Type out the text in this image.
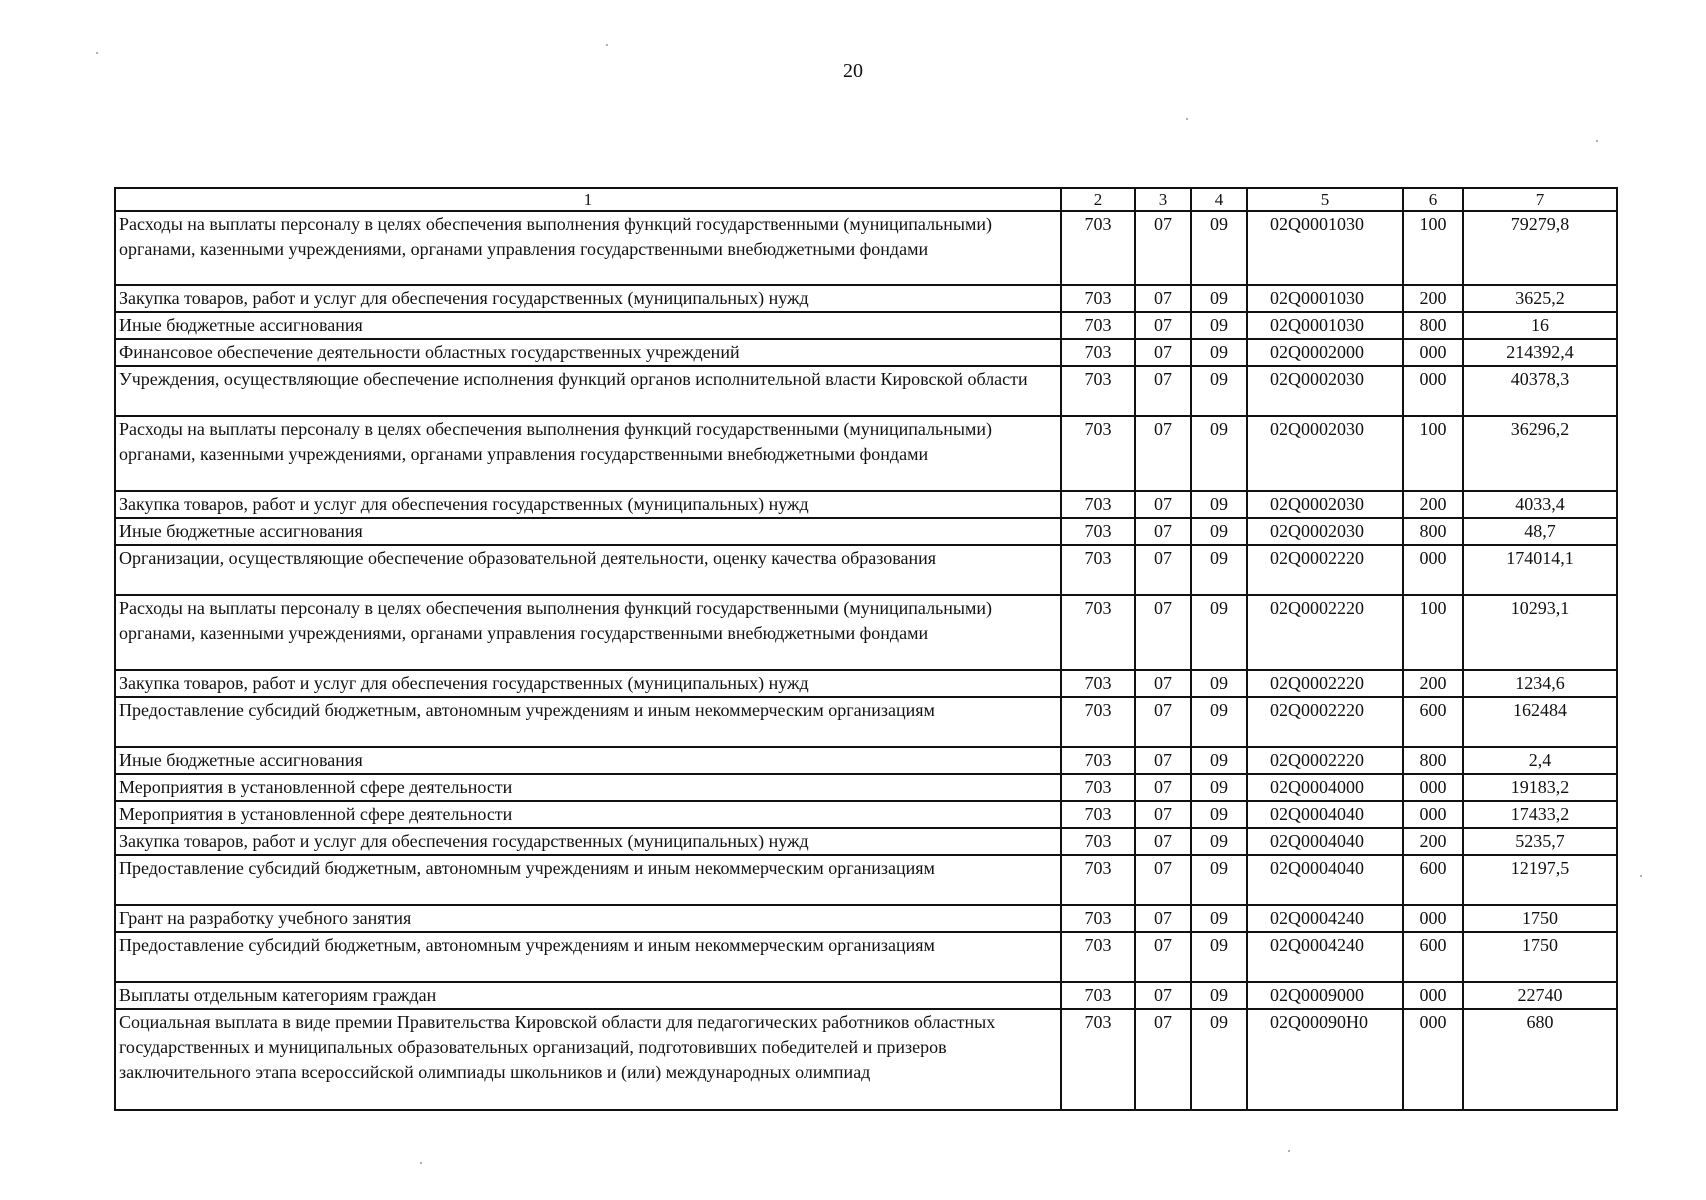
20
1	2	3	4	5	6	7
Расходы на выплаты персоналу в целях обеспечения выполнения функций государственными (муниципальными) органами, казенными учреждениями, органами управления государственными внебюджетными фондами	703	07	09	02Q0001030	100	79279,8
Закупка товаров, работ и услуг для обеспечения государственных (муниципальных) нужд	703	07	09	02Q0001030	200	3625,2
Иные бюджетные ассигнования	703	07	09	02Q0001030	800	16
Финансовое обеспечение деятельности областных государственных учреждений	703	07	09	02Q0002000	000	214392,4
Учреждения, осуществляющие обеспечение исполнения функций органов исполнительной власти Кировской области	703	07	09	02Q0002030	000	40378,3
Расходы на выплаты персоналу в целях обеспечения выполнения функций государственными (муниципальными) органами, казенными учреждениями, органами управления государственными внебюджетными фондами	703	07	09	02Q0002030	100	36296,2
Закупка товаров, работ и услуг для обеспечения государственных (муниципальных) нужд	703	07	09	02Q0002030	200	4033,4
Иные бюджетные ассигнования	703	07	09	02Q0002030	800	48,7
Организации, осуществляющие обеспечение образовательной деятельности, оценку качества образования	703	07	09	02Q0002220	000	174014,1
Расходы на выплаты персоналу в целях обеспечения выполнения функций государственными (муниципальными) органами, казенными учреждениями, органами управления государственными внебюджетными фондами	703	07	09	02Q0002220	100	10293,1
Закупка товаров, работ и услуг для обеспечения государственных (муниципальных) нужд	703	07	09	02Q0002220	200	1234,6
Предоставление субсидий бюджетным, автономным учреждениям и иным некоммерческим организациям	703	07	09	02Q0002220	600	162484
Иные бюджетные ассигнования	703	07	09	02Q0002220	800	2,4
Мероприятия в установленной сфере деятельности	703	07	09	02Q0004000	000	19183,2
Мероприятия в установленной сфере деятельности	703	07	09	02Q0004040	000	17433,2
Закупка товаров, работ и услуг для обеспечения государственных (муниципальных) нужд	703	07	09	02Q0004040	200	5235,7
Предоставление субсидий бюджетным, автономным учреждениям и иным некоммерческим организациям	703	07	09	02Q0004040	600	12197,5
Грант на разработку учебного занятия	703	07	09	02Q0004240	000	1750
Предоставление субсидий бюджетным, автономным учреждениям и иным некоммерческим организациям	703	07	09	02Q0004240	600	1750
Выплаты отдельным категориям граждан	703	07	09	02Q0009000	000	22740
Социальная выплата в виде премии Правительства Кировской области для педагогических работников областных государственных и муниципальных образовательных организаций, подготовивших победителей и призеров заключительного этапа всероссийской олимпиады школьников и (или) международных олимпиад	703	07	09	02Q00090H0	000	680
